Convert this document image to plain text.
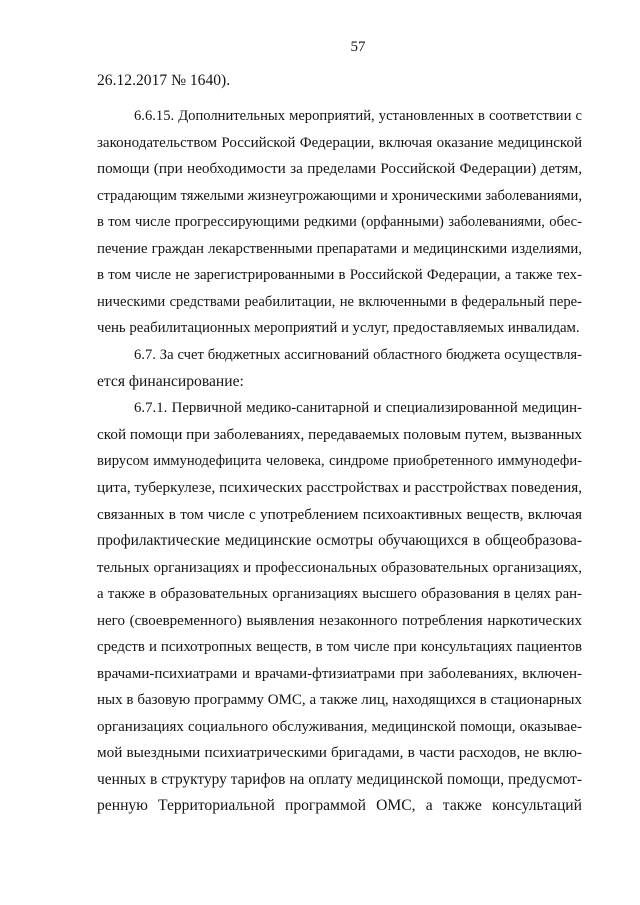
57
26.12.2017 № 1640).
6.6.15. Дополнительных мероприятий, установленных в соответствии с
законодательством Российской Федерации, включая оказание медицинской
помощи (при необходимости за пределами Российской Федерации) детям,
страдающим тяжелыми жизнеугрожающими и хроническими заболеваниями,
в том числе прогрессирующими редкими (орфанными) заболеваниями, обес-
печение граждан лекарственными препаратами и медицинскими изделиями,
в том числе не зарегистрированными в Российской Федерации, а также тех-
ническими средствами реабилитации, не включенными в федеральный пере-
чень реабилитационных мероприятий и услуг, предоставляемых инвалидам.
6.7. За счет бюджетных ассигнований областного бюджета осуществля-
ется финансирование:
6.7.1. Первичной медико-санитарной и специализированной медицин-
ской помощи при заболеваниях, передаваемых половым путем, вызванных
вирусом иммунодефицита человека, синдроме приобретенного иммунодефи-
цита, туберкулезе, психических расстройствах и расстройствах поведения,
связанных в том числе с употреблением психоактивных веществ, включая
профилактические медицинские осмотры обучающихся в общеобразова-
тельных организациях и профессиональных образовательных организациях,
а также в образовательных организациях высшего образования в целях ран-
него (своевременного) выявления незаконного потребления наркотических
средств и психотропных веществ, в том числе при консультациях пациентов
врачами-психиатрами и врачами-фтизиатрами при заболеваниях, включен-
ных в базовую программу ОМС, а также лиц, находящихся в стационарных
организациях социального обслуживания, медицинской помощи, оказывае-
мой выездными психиатрическими бригадами, в части расходов, не вклю-
ченных в структуру тарифов на оплату медицинской помощи, предусмот-
ренную Территориальной программой ОМС, а также консультаций
